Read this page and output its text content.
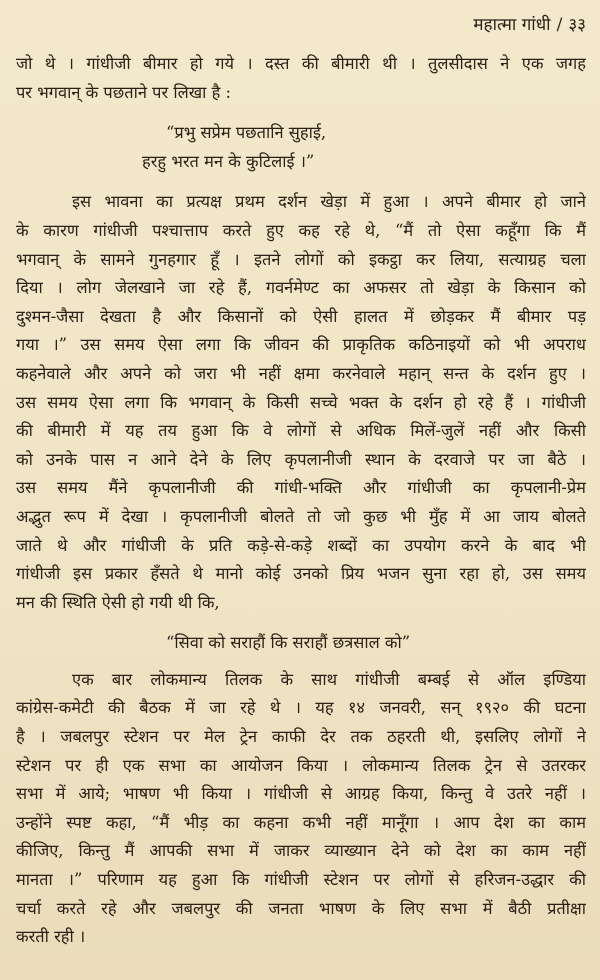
महात्मा गांधी / ३३
जो थे । गांधीजी बीमार हो गये । दस्त की बीमारी थी । तुलसीदास ने एक जगह
पर भगवान् के पछताने पर लिखा है :
“प्रभु सप्रेम पछतानि सुहाई,
हरहु भरत मन के कुटिलाई ।”
इस भावना का प्रत्यक्ष प्रथम दर्शन खेड़ा में हुआ । अपने बीमार हो जाने
के कारण गांधीजी पश्चात्ताप करते हुए कह रहे थे, “मैं तो ऐसा कहूँगा कि मैं
भगवान् के सामने गुनहगार हूँ । इतने लोगों को इकट्ठा कर लिया, सत्याग्रह चला
दिया । लोग जेलखाने जा रहे हैं, गवर्नमेण्ट का अफसर तो खेड़ा के किसान को
दुश्मन-जैसा देखता है और किसानों को ऐसी हालत में छोड़कर मैं बीमार पड़
गया ।” उस समय ऐसा लगा कि जीवन की प्राकृतिक कठिनाइयों को भी अपराध
कहनेवाले और अपने को जरा भी नहीं क्षमा करनेवाले महान् सन्त के दर्शन हुए ।
उस समय ऐसा लगा कि भगवान् के किसी सच्चे भक्त के दर्शन हो रहे हैं । गांधीजी
की बीमारी में यह तय हुआ कि वे लोगों से अधिक मिलें-जुलें नहीं और किसी
को उनके पास न आने देने के लिए कृपलानीजी स्थान के दरवाजे पर जा बैठे ।
उस समय मैंने कृपलानीजी की गांधी-भक्ति और गांधीजी का कृपलानी-प्रेम
अद्भुत रूप में देखा । कृपलानीजी बोलते तो जो कुछ भी मुँह में आ जाय बोलते
जाते थे और गांधीजी के प्रति कड़े-से-कड़े शब्दों का उपयोग करने के बाद भी
गांधीजी इस प्रकार हँसते थे मानो कोई उनको प्रिय भजन सुना रहा हो, उस समय
मन की स्थिति ऐसी हो गयी थी कि,
“सिवा को सराहौं कि सराहौं छत्रसाल को”
एक बार लोकमान्य तिलक के साथ गांधीजी बम्बई से ऑल इण्डिया
कांग्रेस-कमेटी की बैठक में जा रहे थे । यह १४ जनवरी, सन् १९२० की घटना
है । जबलपुर स्टेशन पर मेल ट्रेन काफी देर तक ठहरती थी, इसलिए लोगों ने
स्टेशन पर ही एक सभा का आयोजन किया । लोकमान्य तिलक ट्रेन से उतरकर
सभा में आये; भाषण भी किया । गांधीजी से आग्रह किया, किन्तु वे उतरे नहीं ।
उन्होंने स्पष्ट कहा, “मैं भीड़ का कहना कभी नहीं मानूँगा । आप देश का काम
कीजिए, किन्तु मैं आपकी सभा में जाकर व्याख्यान देने को देश का काम नहीं
मानता ।” परिणाम यह हुआ कि गांधीजी स्टेशन पर लोगों से हरिजन-उद्धार की
चर्चा करते रहे और जबलपुर की जनता भाषण के लिए सभा में बैठी प्रतीक्षा
करती रही ।
